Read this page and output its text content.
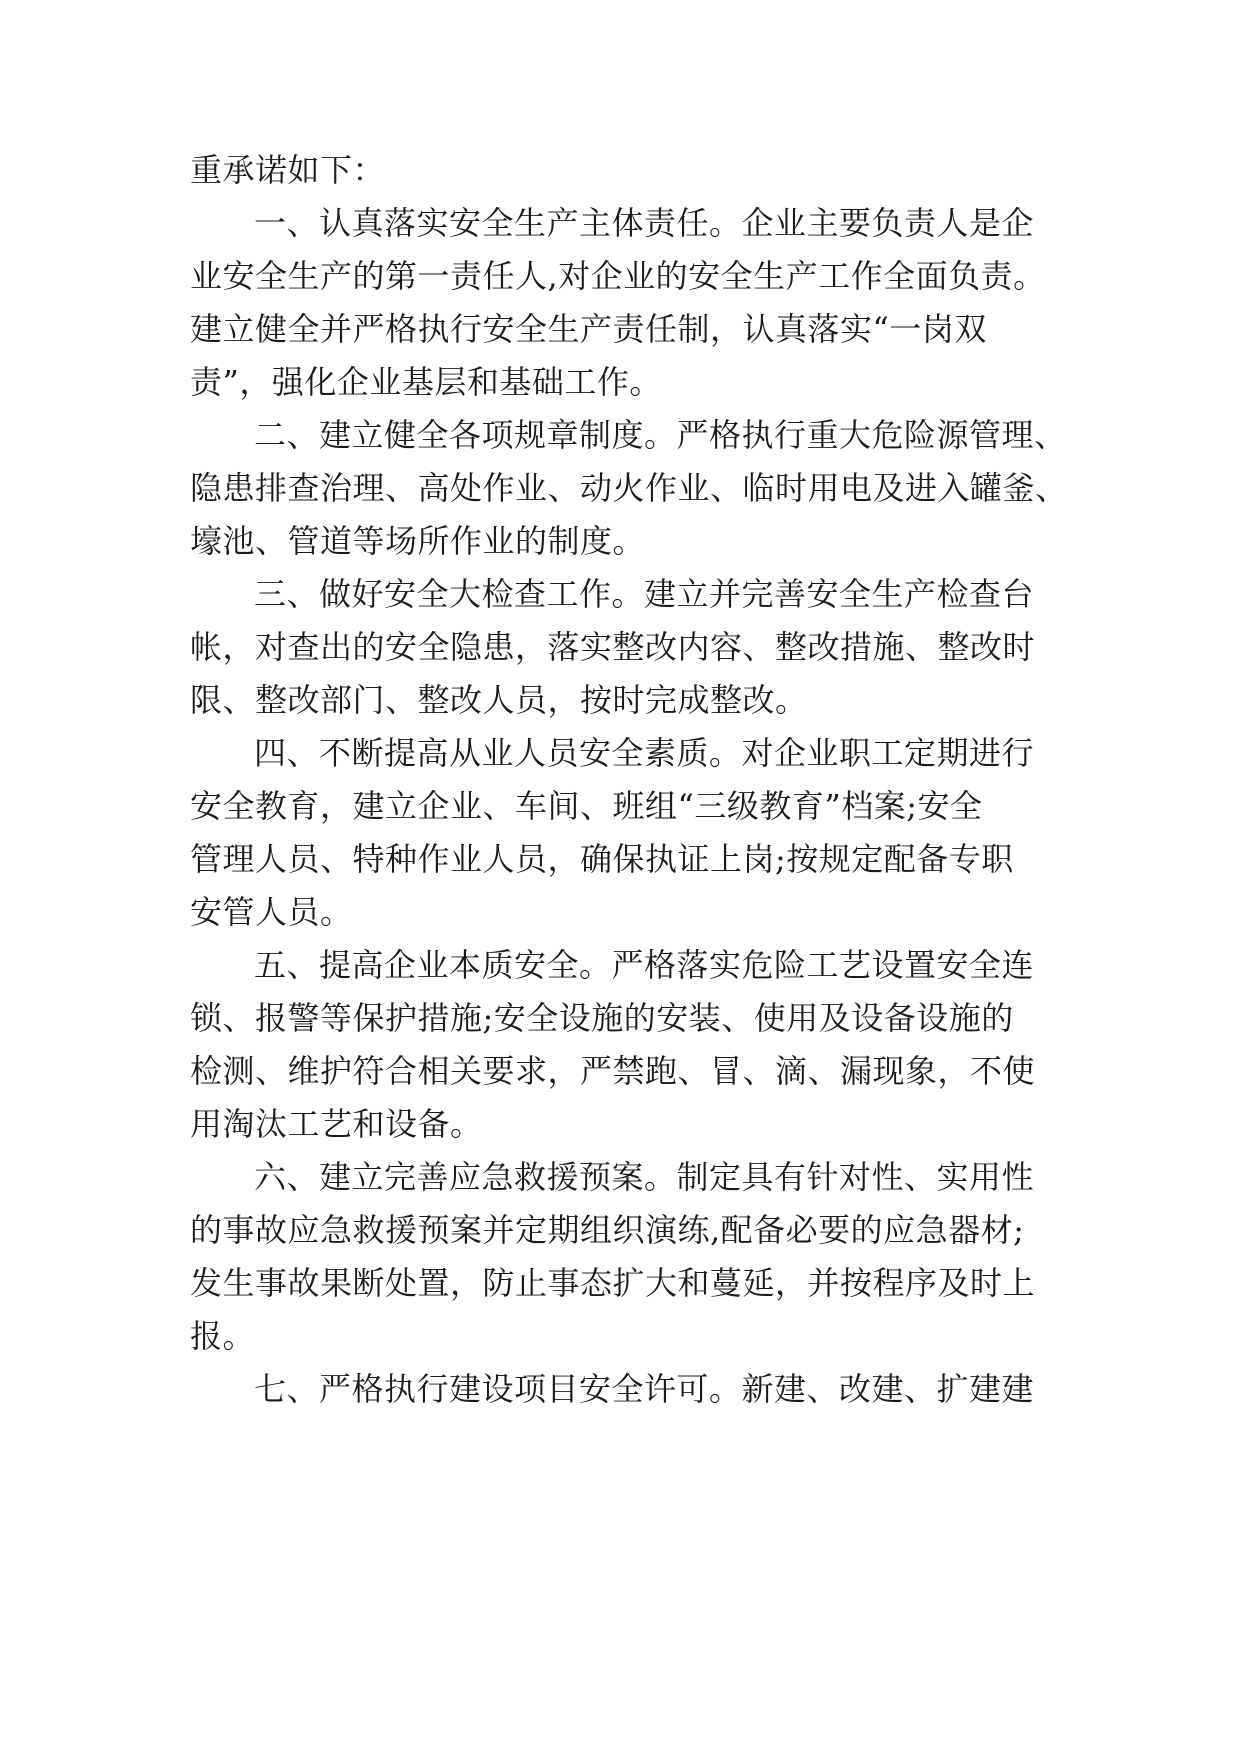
重承诺如下：
一、认真落实安全生产主体责任。企业主要负责人是企
业安全生产的第一责任人,对企业的安全生产工作全面负责。
建立健全并严格执行安全生产责任制，认真落实“一岗双
责”，强化企业基层和基础工作。
二、建立健全各项规章制度。严格执行重大危险源管理、
隐患排查治理、高处作业、动火作业、临时用电及进入罐釜、
壕池、管道等场所作业的制度。
三、做好安全大检查工作。建立并完善安全生产检查台
帐，对查出的安全隐患，落实整改内容、整改措施、整改时
限、整改部门、整改人员，按时完成整改。
四、不断提高从业人员安全素质。对企业职工定期进行
安全教育，建立企业、车间、班组“三级教育”档案;安全
管理人员、特种作业人员，确保执证上岗;按规定配备专职
安管人员。
五、提高企业本质安全。严格落实危险工艺设置安全连
锁、报警等保护措施;安全设施的安装、使用及设备设施的
检测、维护符合相关要求，严禁跑、冒、滴、漏现象，不使
用淘汰工艺和设备。
六、建立完善应急救援预案。制定具有针对性、实用性
的事故应急救援预案并定期组织演练,配备必要的应急器材;
发生事故果断处置，防止事态扩大和蔓延，并按程序及时上
报。
七、严格执行建设项目安全许可。新建、改建、扩建建
